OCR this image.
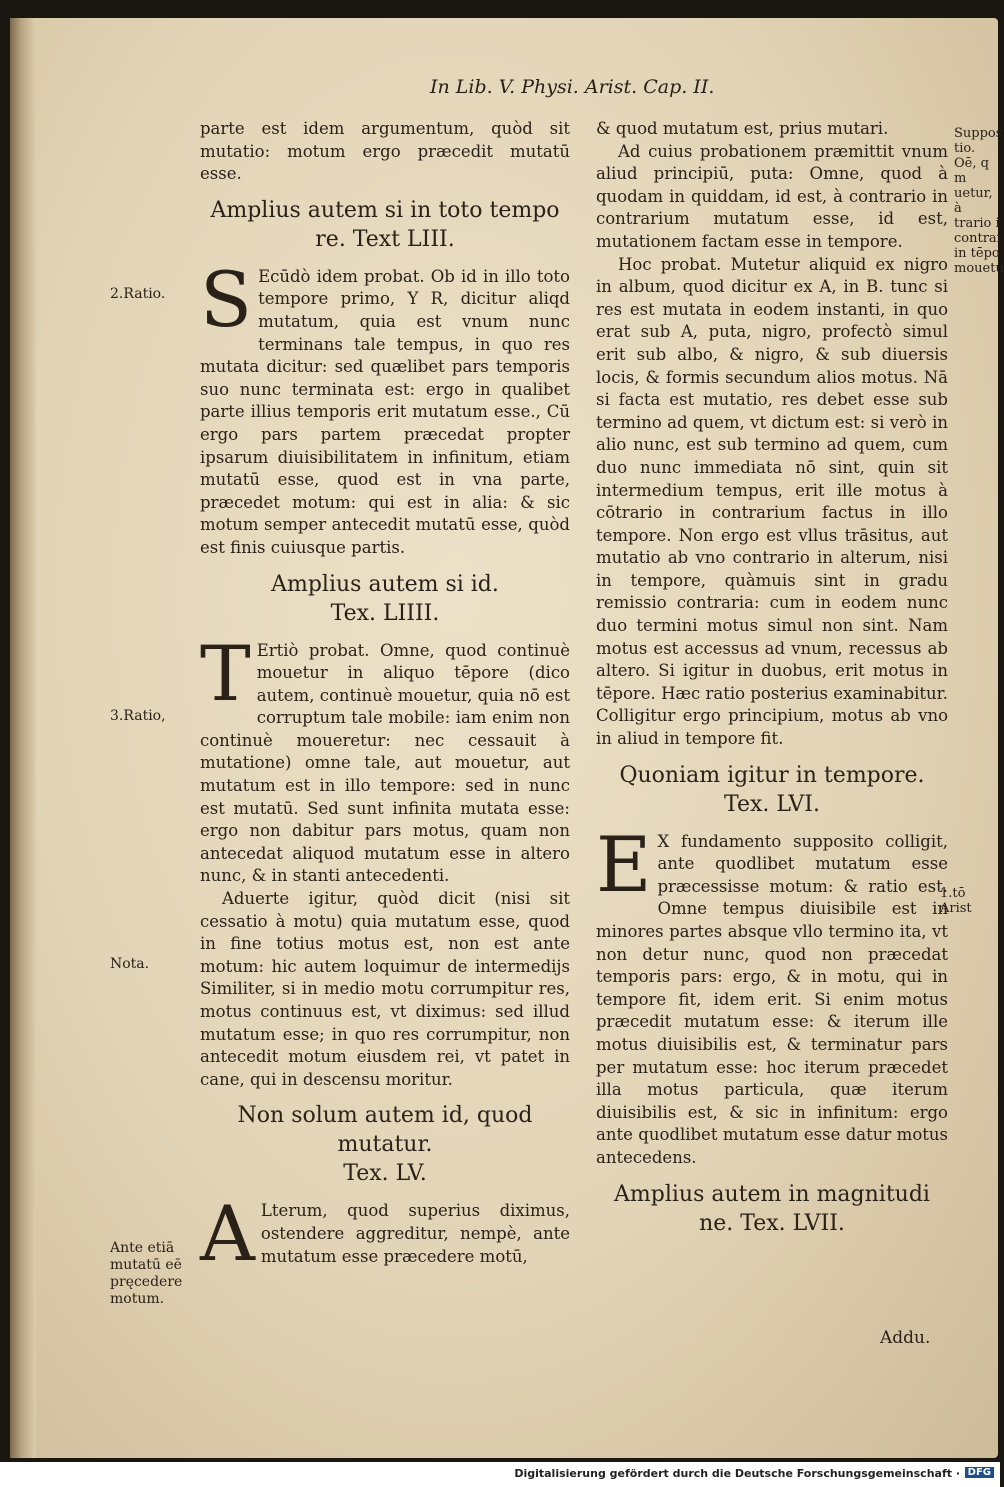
In Lib. V. Physi. Arist. Cap. II.

parte est idem argumentum, quòd sit mutatio: motum ergo præcedit mutatū esse.

Amplius autem si in toto tempo
re. Text LIII.

S Ecūdò idem probat. Ob id in illo toto tempore primo, Y R, dicitur aliqd mutatum, quia est vnum nunc terminans tale tempus, in quo res mutata dicitur: sed quælibet pars temporis suo nunc terminata est: ergo in qualibet parte illius temporis erit mutatum esse., Cū ergo pars partem præcedat propter ipsarum diuisibilitatem in infinitum, etiam mutatū esse, quod est in vna parte, præcedet motum: qui est in alia: & sic motum semper antecedit mutatū esse, quòd est finis cuiusque partis.

Amplius autem si id.
Tex. LIIII.

T Ertiò probat. Omne, quod continuè mouetur in aliquo tēpore (dico autem, continuè mouetur, quia nō est corruptum tale mobile: iam enim non continuè moueretur: nec cessauit à mutatione) omne tale, aut mouetur, aut mutatum est in illo tempore: sed in nunc est mutatū. Sed sunt infinita mutata esse: ergo non dabitur pars motus, quam non antecedat aliquod mutatum esse in altero nunc, & in stanti antecedenti.

Aduerte igitur, quòd dicit (nisi sit cessatio à motu) quia mutatum esse, quod in fine totius motus est, non est ante motum: hic autem loquimur de intermedijs Similiter, si in medio motu corrumpitur res, motus continuus est, vt diximus: sed illud mutatum esse; in quo res corrumpitur, non antecedit motum eiusdem rei, vt patet in cane, qui in descensu moritur.

Non solum autem id, quod
mutatur.
Tex. LV.

A Lterum, quod superius diximus, ostendere aggreditur, nempè, ante mutatum esse præcedere motū,

& quod mutatum est, prius mutari.

Ad cuius probationem præmittit vnum aliud principiū, puta: Omne, quod à quodam in quiddam, id est, à contrario in contrarium mutatum esse, id est, mutationem factam esse in tempore.

Hoc probat. Mutetur aliquid ex nigro in album, quod dicitur ex A, in B. tunc si res est mutata in eodem instanti, in quo erat sub A, puta, nigro, profectò simul erit sub albo, & nigro, & sub diuersis locis, & formis secundum alios motus. Nā si facta est mutatio, res debet esse sub termino ad quem, vt dictum est: si verò in alio nunc, est sub termino ad quem, cum duo nunc immediata nō sint, quin sit intermedium tempus, erit ille motus à cōtrario in contrarium factus in illo tempore. Non ergo est vllus trāsitus, aut mutatio ab vno contrario in alterum, nisi in tempore, quàmuis sint in gradu remissio contraria: cum in eodem nunc duo termini motus simul non sint. Nam motus est accessus ad vnum, recessus ab altero. Si igitur in duobus, erit motus in tēpore. Hæc ratio posterius examinabitur. Colligitur ergo principium, motus ab vno in aliud in tempore fit.

Quoniam igitur in tempore.
Tex. LVI.

E X fundamento supposito colligit, ante quodlibet mutatum esse præcessisse motum: & ratio est. Omne tempus diuisibile est in minores partes absque vllo termino ita, vt non detur nunc, quod non præcedat temporis pars: ergo, & in motu, qui in tempore fit, idem erit. Si enim motus præcedit mutatum esse: & iterum ille motus diuisibilis est, & terminatur pars per mutatum esse: hoc iterum præcedet illa motus particula, quæ iterum diuisibilis est, & sic in infinitum: ergo ante quodlibet mutatum esse datur motus antecedens.

Amplius autem in magnitudi
ne. Tex. LVII.
Addu.
2.Ratio.
3.Ratio,
Nota.
Ante etiā
mutatū eē
pręcedere
motum.
Suppos
tio.
Oē, q m
uetur, à
trario i
contrar
in tēpo
mouetu
1.tō Arist
Digitalisierung gefördert durch die Deutsche Forschungsgemeinschaft · DFG
